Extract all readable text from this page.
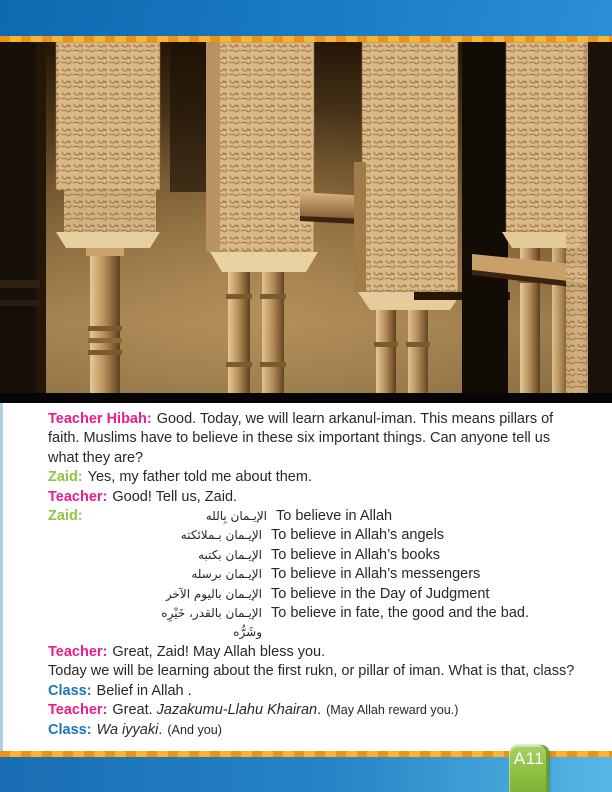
Teacher Hibah: Good. Today, we will learn arkanul-iman. This means pillars of faith. Muslims have to believe in these six important things. Can anyone tell us what they are?

Zaid: Yes, my father told me about them.

Teacher: Good! Tell us, Zaid.

Zaid:	الإيـمان بِالله To believe in Allah
الإيـمان بـملائكته To believe in Allah’s angels
الإيـمان بكتبه To believe in Allah’s books
الإيـمان برسله To believe in Allah’s messengers
الإيـمان باليوم الآخر To believe in the Day of Judgment
الإيـمان بالقدر، خَيْرِه وشَرُّه
To believe in fate, the good and the bad.

Teacher: Great, Zaid! May Allah bless you.

Today we will be learning about the first rukn, or pillar of iman. What is that, class?

Class: Belief in Allah .

Teacher: Great. Jazakumu-Llahu Khairan. (May Allah reward you.)

Class: Wa iyyaki. (And you)

A11
